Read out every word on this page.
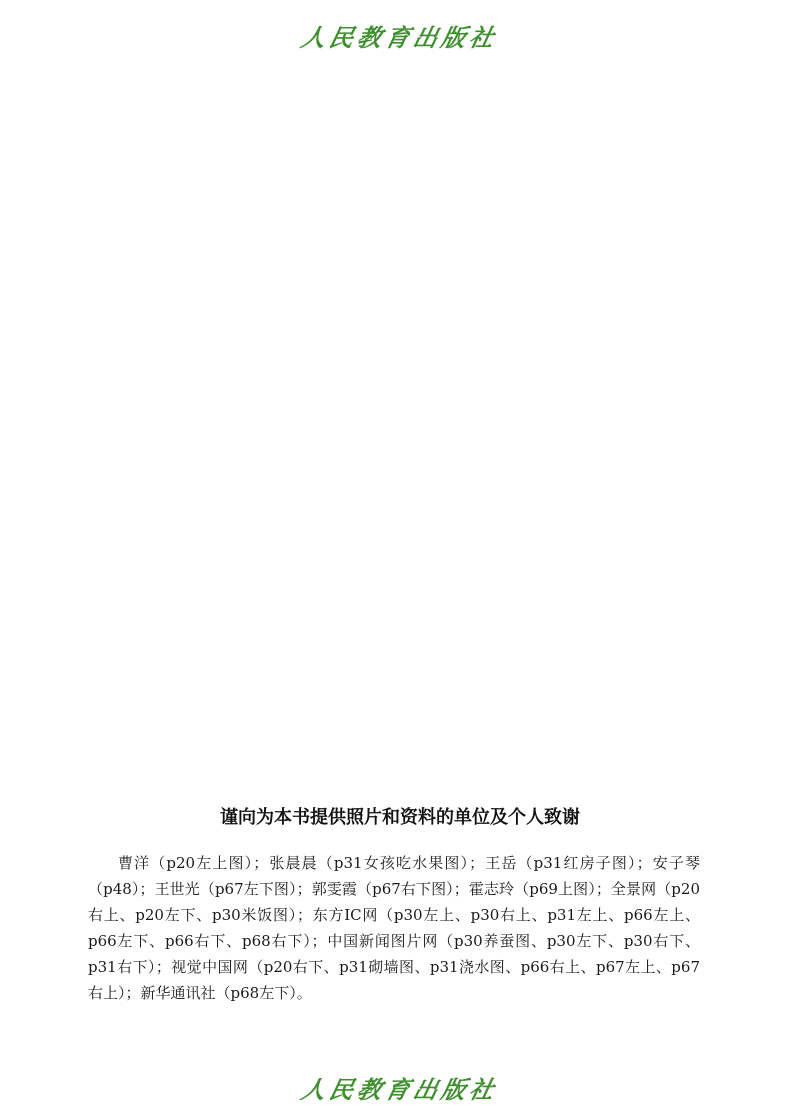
人民教育出版社
谨向为本书提供照片和资料的单位及个人致谢
曹洋（p20左上图）；张晨晨（p31女孩吃水果图）；王岳（p31红房子图）；安子琴（p48）；王世光（p67左下图）；郭雯霞（p67右下图）；霍志玲（p69上图）；全景网（p20右上、p20左下、p30米饭图）；东方IC网（p30左上、p30右上、p31左上、p66左上、p66左下、p66右下、p68右下）；中国新闻图片网（p30养蚕图、p30左下、p30右下、p31右下）；视觉中国网（p20右下、p31砌墙图、p31浇水图、p66右上、p67左上、p67右上）；新华通讯社（p68左下）。
人民教育出版社
